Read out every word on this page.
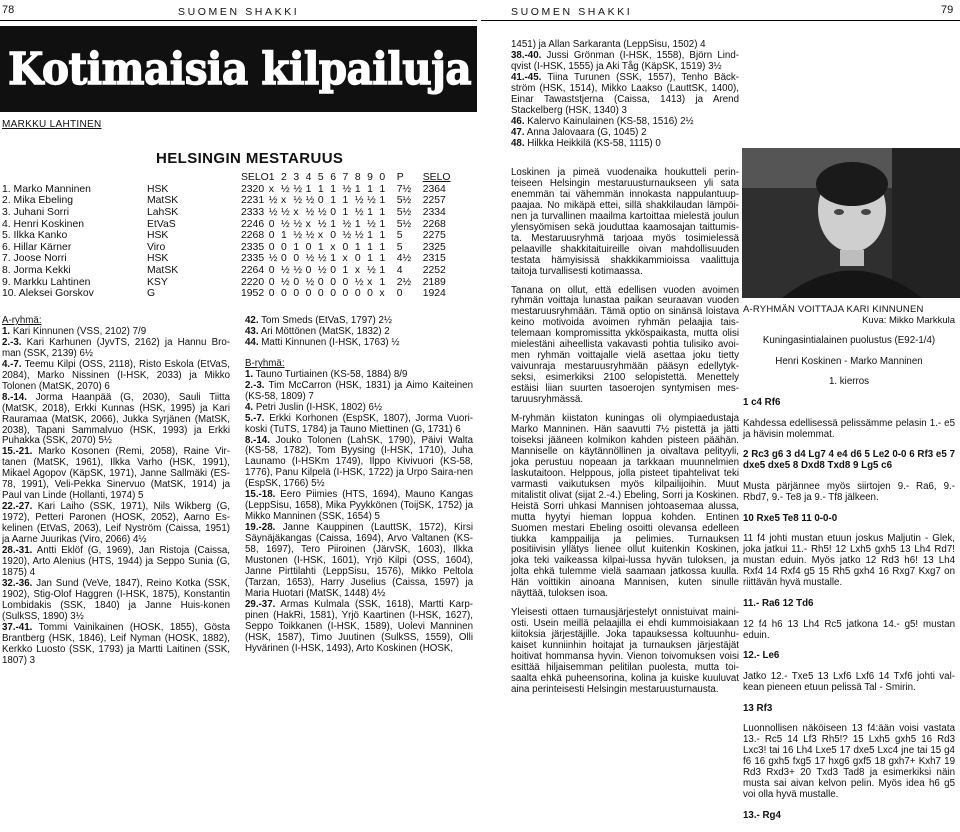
78	SUOMEN SHAKKI
Kotimaisia kilpailuja
MARKKU LAHTINEN
HELSINGIN MESTARUUS
		SELO	1	2	3	4	5	6	7	8	9	0	P	SELO
1. Marko Manninen	HSK	2320	x	½	½	1	1	1	½	1	1	1	7½	2364
2. Mika Ebeling	MatSK	2231	½	x	½	½	0	1	1	½	½	1	5½	2257
3. Juhani Sorri	LahSK	2333	½	½	x	½	½	0	1	½	1	1	5½	2334
4. Henri Koskinen	EtVaS	2246	0	½	½	x	½	1	½	1	½	1	5½	2268
5. Ilkka Kanko	HSK	2268	0	1	½	½	x	0	½	½	1	1	5	2275
6. Hillar Kärner	Viro	2335	0	0	1	0	1	x	0	1	1	1	5	2325
7. Joose Norri	HSK	2335	½	0	0	½	½	1	x	0	1	1	4½	2315
8. Jorma Kekki	MatSK	2264	0	½	½	0	½	0	1	x	½	1	4	2252
9. Markku Lahtinen	KSY	2220	0	½	0	½	0	0	0	½	x	1	2½	2189
10. Aleksei Gorskov	G	1952	0	0	0	0	0	0	0	0	0	x	0	1924

A-ryhmä:

1. Kari Kinnunen (VSS, 2102) 7/9

2.-3. Kari Karhunen (JyvTS, 2162) ja Hannu Bro-man (SSK, 2139) 6½

4.-7. Teemu Kilpi (OSS, 2118), Risto Eskola (EtVaS, 2084), Marko Nissinen (I-HSK, 2033) ja Mikko Tolonen (MatSK, 2070) 6

8.-14. Jorma Haanpää (G, 2030), Sauli Tiitta (MatSK, 2018), Erkki Kunnas (HSK, 1995) ja Kari Rauramaa (MatSK, 2066), Jukka Syrjänen (MatSK, 2038), Tapani Sammalvuo (HSK, 1993) ja Erkki Puhakka (SSK, 2070) 5½

15.-21. Marko Kosonen (Remi, 2058), Raine Vir-tanen (MatSK, 1961), Ilkka Varho (HSK, 1991), Mikael Agopov (KäpSK, 1971), Janne Sallmäki (ES-78, 1991), Veli-Pekka Sinervuo (MatSK, 1914) ja Paul van Linde (Hollanti, 1974) 5

22.-27. Kari Laiho (SSK, 1971), Nils Wikberg (G, 1972), Petteri Paronen (HOSK, 2052), Aarno Es-kelinen (EtVaS, 2063), Leif Nyström (Caissa, 1951) ja Aarne Juurikas (Viro, 2066) 4½

28.-31. Antti Eklöf (G, 1969), Jan Ristoja (Caissa, 1920), Arto Alenius (HTS, 1944) ja Seppo Sunia (G, 1875) 4

32.-36. Jan Sund (VeVe, 1847), Reino Kotka (SSK, 1902), Stig-Olof Haggren (I-HSK, 1875), Konstantin Lombidakis (SSK, 1840) ja Janne Huis-konen (SulkSS, 1890) 3½

37.-41. Tommi Vainikainen (HOSK, 1855), Gösta Brantberg (HSK, 1846), Leif Nyman (HOSK, 1882), Kerkko Luosto (SSK, 1793) ja Martti Laitinen (SSK, 1807) 3

42. Tom Smeds (EtVaS, 1797) 2½

43. Ari Möttönen (MatSK, 1832) 2

44. Matti Kinnunen (I-HSK, 1763) ½

B-ryhmä:

1. Tauno Turtiainen (KS-58, 1884) 8/9

2.-3. Tim McCarron (HSK, 1831) ja Aimo Kaiteinen (KS-58, 1809) 7

4. Petri Juslin (I-HSK, 1802) 6½

5.-7. Erkki Korhonen (EspSK, 1807), Jorma Vuori-koski (TuTS, 1784) ja Tauno Miettinen (G, 1731) 6

8.-14. Jouko Tolonen (LahSK, 1790), Päivi Walta (KS-58, 1782), Tom Byysing (I-HSK, 1710), Juha Launamo (I-HSKm 1749), Ilppo Kivivuori (KS-58, 1776), Panu Kilpelä (I-HSK, 1722) ja Urpo Saira-nen (EspSK, 1766) 5½

15.-18. Eero Piimies (HTS, 1694), Mauno Kangas (LeppSisu, 1658), Mika Pyykkönen (ToijSK, 1752) ja Mikko Manninen (SSK, 1654) 5

19.-28. Janne Kauppinen (LauttSK, 1572), Kirsi Säynäjäkangas (Caissa, 1694), Arvo Valtanen (KS-58, 1697), Tero Piiroinen (JärvSK, 1603), Ilkka Mustonen (I-HSK, 1601), Yrjö Kilpi (OSS, 1604), Janne Pirttilahti (LeppSisu, 1576), Mikko Peltola (Tarzan, 1653), Harry Juselius (Caissa, 1597) ja Maria Huotari (MatSK, 1448) 4½

29.-37. Armas Kulmala (SSK, 1618), Martti Karp-pinen (HakRi, 1581), Yrjö Kaartinen (I-HSK, 1627), Seppo Toikkanen (I-HSK, 1589), Uolevi Manninen (HSK, 1587), Timo Juutinen (SulkSS, 1559), Olli Hyvärinen (I-HSK, 1493), Arto Koskinen (HOSK,

SUOMEN SHAKKI	79

1451) ja Allan Sarkaranta (LeppSisu, 1502) 4

38.-40. Jussi Grönman (I-HSK, 1558), Björn Lind-qvist (I-HSK, 1555) ja Aki Tåg (KäpSK, 1519) 3½

41.-45. Tiina Turunen (SSK, 1557), Tenho Bäck-ström (HSK, 1514), Mikko Laakso (LauttSK, 1400), Einar Tawaststjerna (Caissa, 1413) ja Arend Stackelberg (HSK, 1340) 3

46. Kalervo Kainulainen (KS-58, 1516) 2½

47. Anna Jalovaara (G, 1045) 2

48. Hilkka Heikkilä (KS-58, 1115) 0

Loskinen ja pimeä vuodenaika houkutteli perin-teiseen Helsingin mestaruusturnaukseen yli sata enemmän tai vähemmän innokasta nappulantuup-paajaa. No mikäpä ettei, sillä shakkilaudan lämpöi-nen ja turvallinen maailma kartoittaa mielestä joulun ylensyömisen sekä jouduttaa kaamosajan taittumis-ta. Mestaruusryhmä tarjoaa myös tosimielessä pelaaville shakkitaituireille oivan mahdollisuuden testata hämyisissä shakkikammioissa vaalittuja taitoja turvallisesti kotimaassa.

Tanana on ollut, että edellisen vuoden avoimen ryhmän voittaja lunastaa paikan seuraavan vuoden mestaruusryhmään. Tämä optio on sinänsä loistava keino motivoida avoimen ryhmän pelaajia tais-telemaan kompromissitta ykköspaikasta, mutta olisi mielestäni aiheellista vakavasti pohtia tulisiko avoi-men ryhmän voittajalle vielä asettaa joku tietty vaivunraja mestaruusryhmään pääsyn edellytyk-seksi, esimerkiksi 2100 selopistettä. Menettely estäisi liian suurten tasoerojen syntymisen mes-taruusryhmässä.

M-ryhmän kiistaton kuningas oli olympiaedustaja Marko Manninen. Hän saavutti 7½ pistettä ja jätti toiseksi jääneen kolmikon kahden pisteen päähän. Manniselle on käytännöllinen ja oivaltava pelityyli, joka perustuu nopeaan ja tarkkaan muunnelmien laskutaitoon. Helppous, jolla pisteet tipahtelivat teki varmasti vaikutuksen myös kilpailijoihin. Muut mitalistit olivat (sijat 2.-4.) Ebeling, Sorri ja Koskinen. Heistä Sorri uhkasi Mannisen johtoasemaa alussa, mutta hyytyi hieman loppua kohden. Entinen Suomen mestari Ebeling osoitti olevansa edelleen tiukka kamppailija ja pelimies. Turnauksen positiivisin yllätys lienee ollut kuitenkin Koskinen, joka teki vaikeassa kilpai-lussa hyvän tuloksen, ja jolta ehkä tulemme vielä saamaan jatkossa kuulla. Hän voittikin ainoana Mannisen, kuten sinulle näyttää, tuloksen isoa.

Yleisesti ottaen turnausjärjestelyt onnistuivat maini-osti. Usein meillä pelaajilla ei ehdi kummoisiakaan kiitoksia järjestäjille. Joka tapauksessa koltuunhu-kaiset kunniinhin hoitajat ja turnauksen järjestäjät hoitivat hommansa hyvin. Vienon toivomuksen voisi esittää hiljaisemman pelitilan puolesta, mutta toi-saalta ehkä puheensorina, kolina ja kuiske kuuluvat aina perinteisesti Helsingin mestaruusturnausta.

A-RYHMÄN VOITTAJA KARI KINNUNEN
Kuva: Mikko Markkula

Kuningasintialainen puolustus (E92-1/4)

Henri Koskinen - Marko Manninen

1. kierros

1 c4 Rf6

Kahdessa edellisessä pelissämme pelasin 1.- e5 ja hävisin molemmat.

2 Rc3 g6 3 d4 Lg7 4 e4 d6 5 Le2 0-0 6 Rf3 e5 7 dxe5 dxe5 8 Dxd8 Txd8 9 Lg5 c6

Musta pärjännee myös siirtojen 9.- Ra6, 9.- Rbd7, 9.- Te8 ja 9.- Tf8 jälkeen.

10 Rxe5 Te8 11 0-0-0

11 f4 johti mustan etuun joskus Maljutin - Glek, joka jatkui 11.- Rh5! 12 Lxh5 gxh5 13 Lh4 Rd7! mustan eduin. Myös jatko 12 Rd3 h6! 13 Lh4 Rxf4 14 Rxf4 g5 15 Rh5 gxh4 16 Rxg7 Kxg7 on riittävän hyvä mustalle.

11.- Ra6 12 Td6

12 f4 h6 13 Lh4 Rc5 jatkona 14.- g5! mustan eduin.

12.- Le6

Jatko 12.- Txe5 13 Lxf6 Lxf6 14 Txf6 johti val-kean pieneen etuun pelissä Tal - Smirin.

13 Rf3

Luonnollisen näköiseen 13 f4:ään voisi vastata 13.- Rc5 14 Lf3 Rh5!? 15 Lxh5 gxh5 16 Rd3 Lxc3! tai 16 Lh4 Lxe5 17 dxe5 Lxc4 jne tai 15 g4 f6 16 gxh5 fxg5 17 hxg6 gxf5 18 gxh7+ Kxh7 19 Rd3 Rxd3+ 20 Txd3 Tad8 ja esimerkiksi näin musta sai aivan kelvon pelin. Myös idea h6 g5 voi olla hyvä mustalle.

13.- Rg4
